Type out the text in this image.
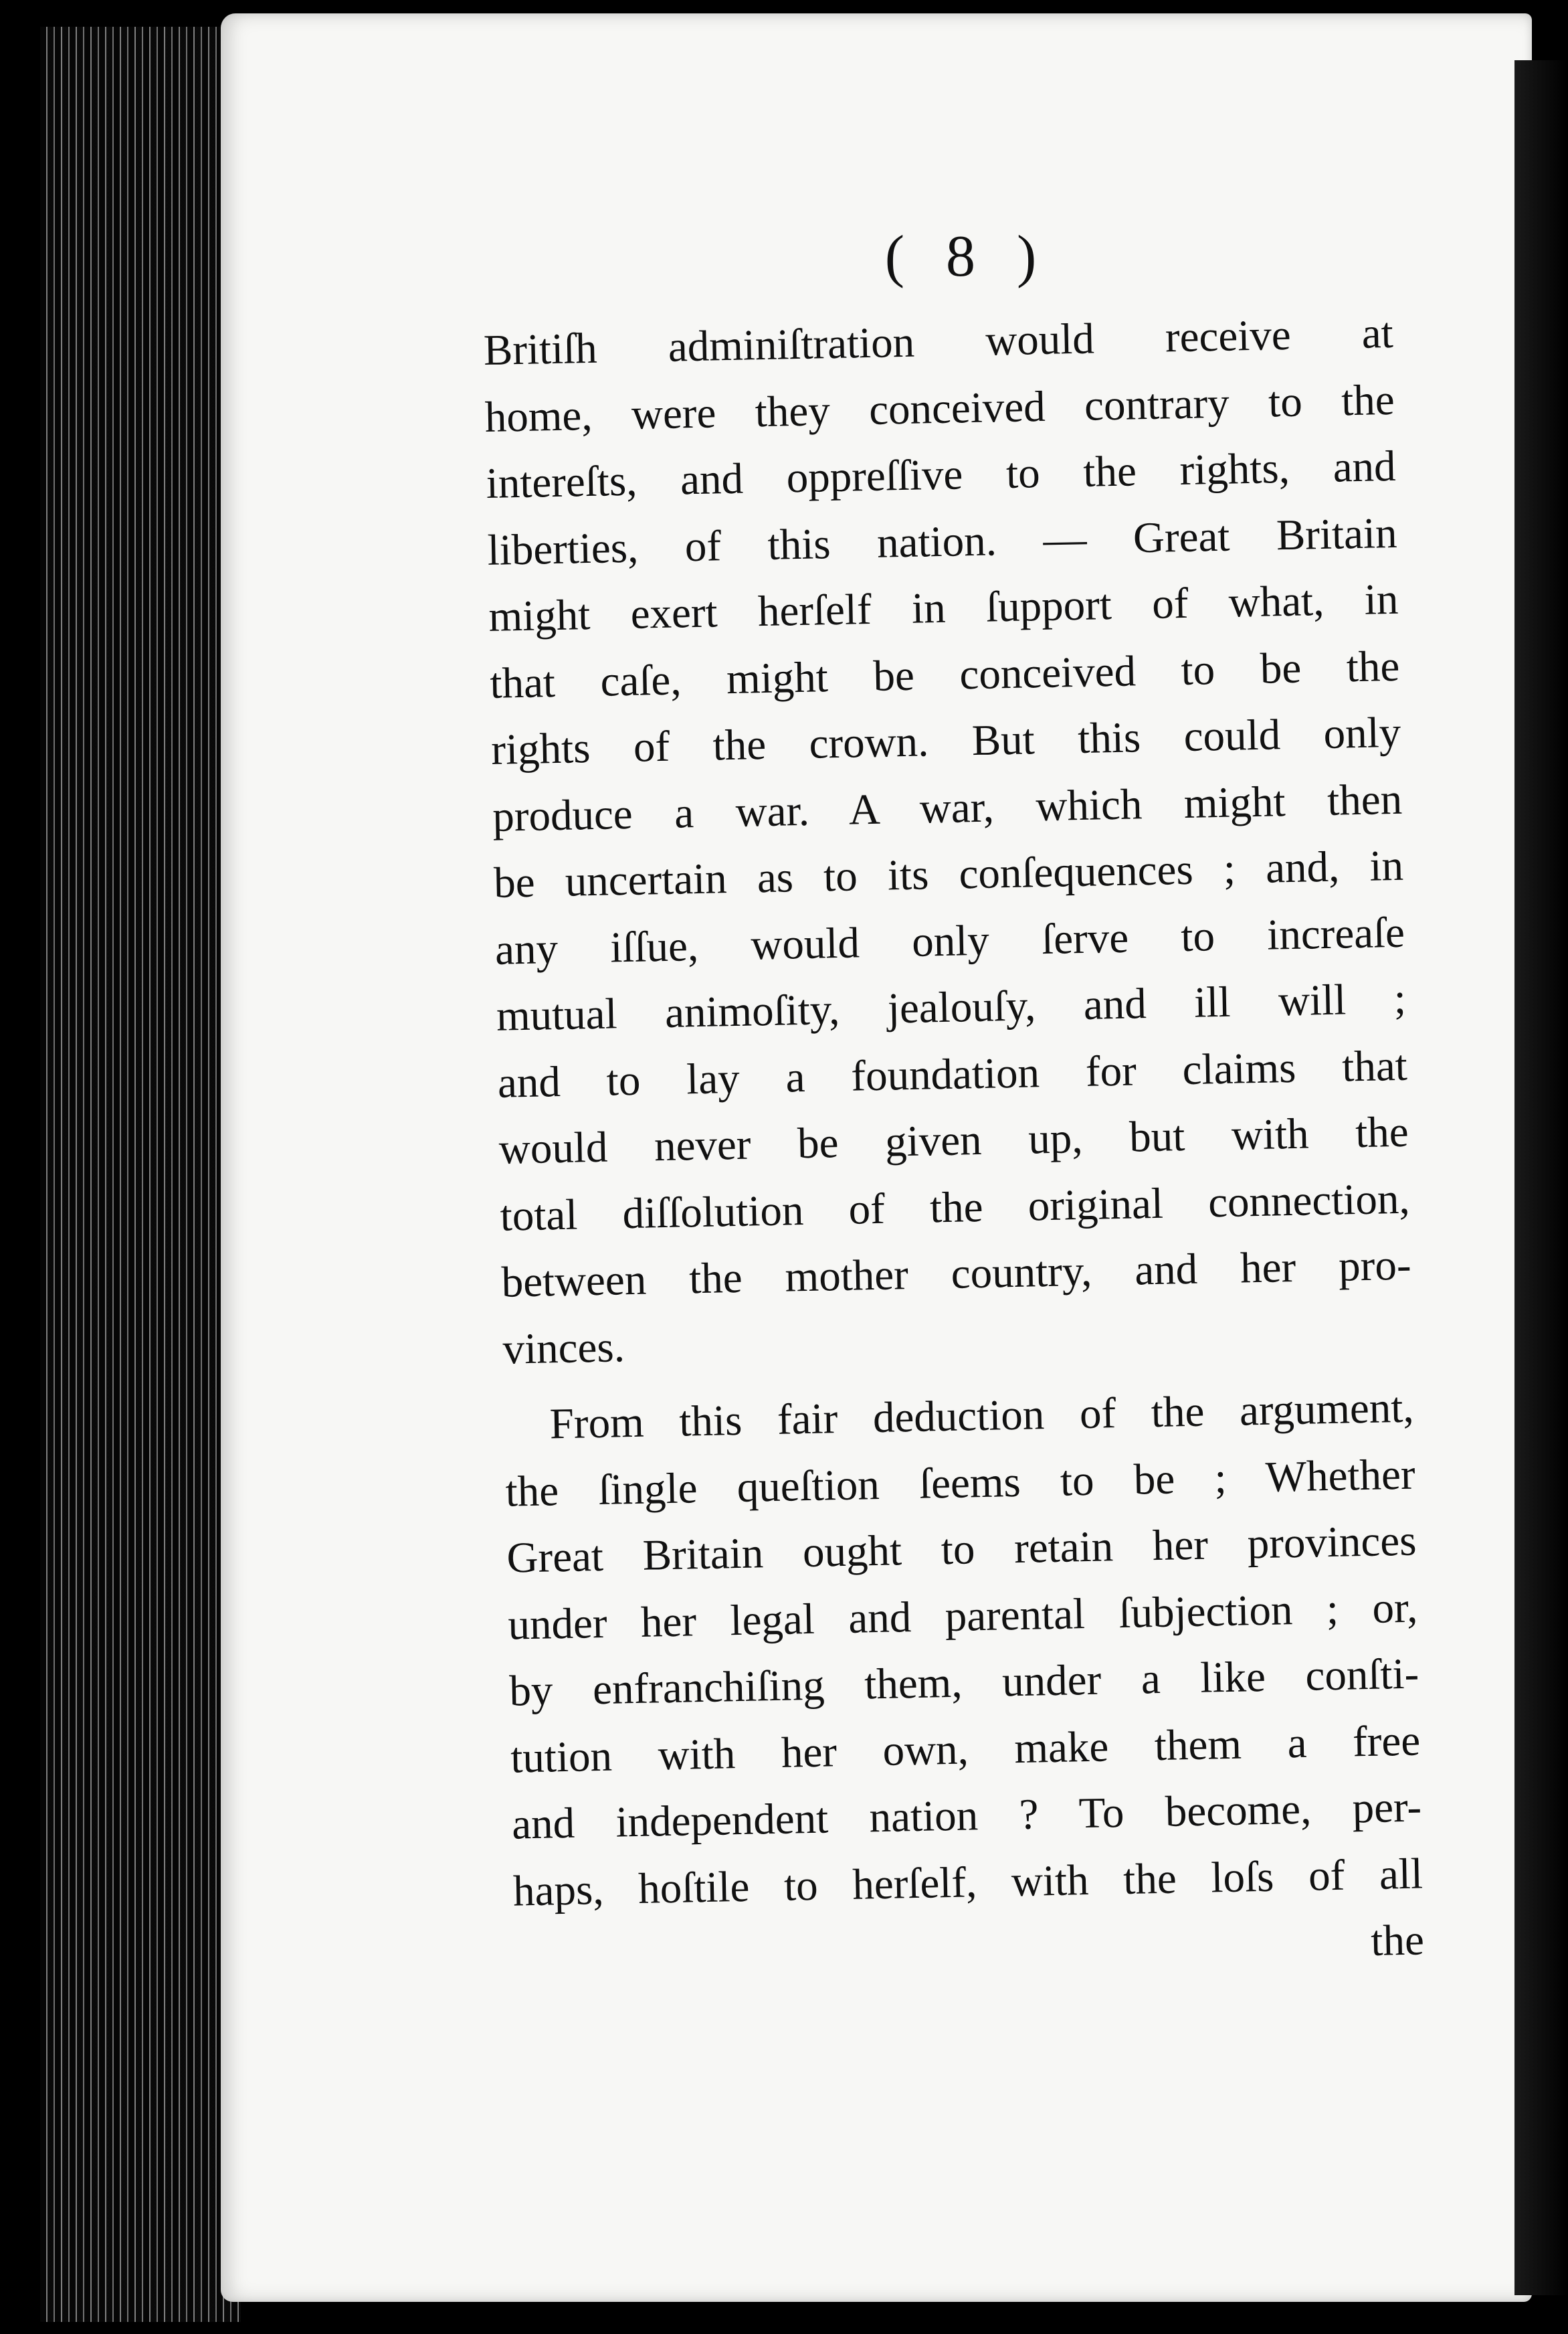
( 8 )
Britiſh adminiſtration would receive at
home, were they conceived contrary to the
intereſts, and oppreſſive to the rights, and
liberties, of this nation. — Great Britain
might exert herſelf in ſupport of what, in
that caſe, might be conceived to be the
rights of the crown. But this could only
produce a war. A war, which might then
be uncertain as to its conſequences ; and, in
any iſſue, would only ſerve to increaſe
mutual animoſity, jealouſy, and ill will ;
and to lay a foundation for claims that
would never be given up, but with the
total diſſolution of the original connection,
between the mother country, and her pro-
vinces.
From this fair deduction of the argument,
the ſingle queſtion ſeems to be ; Whether
Great Britain ought to retain her provinces
under her legal and parental ſubjection ; or,
by enfranchiſing them, under a like conſti-
tution with her own, make them a free
and independent nation ? To become, per-
haps, hoſtile to herſelf, with the loſs of all
the
